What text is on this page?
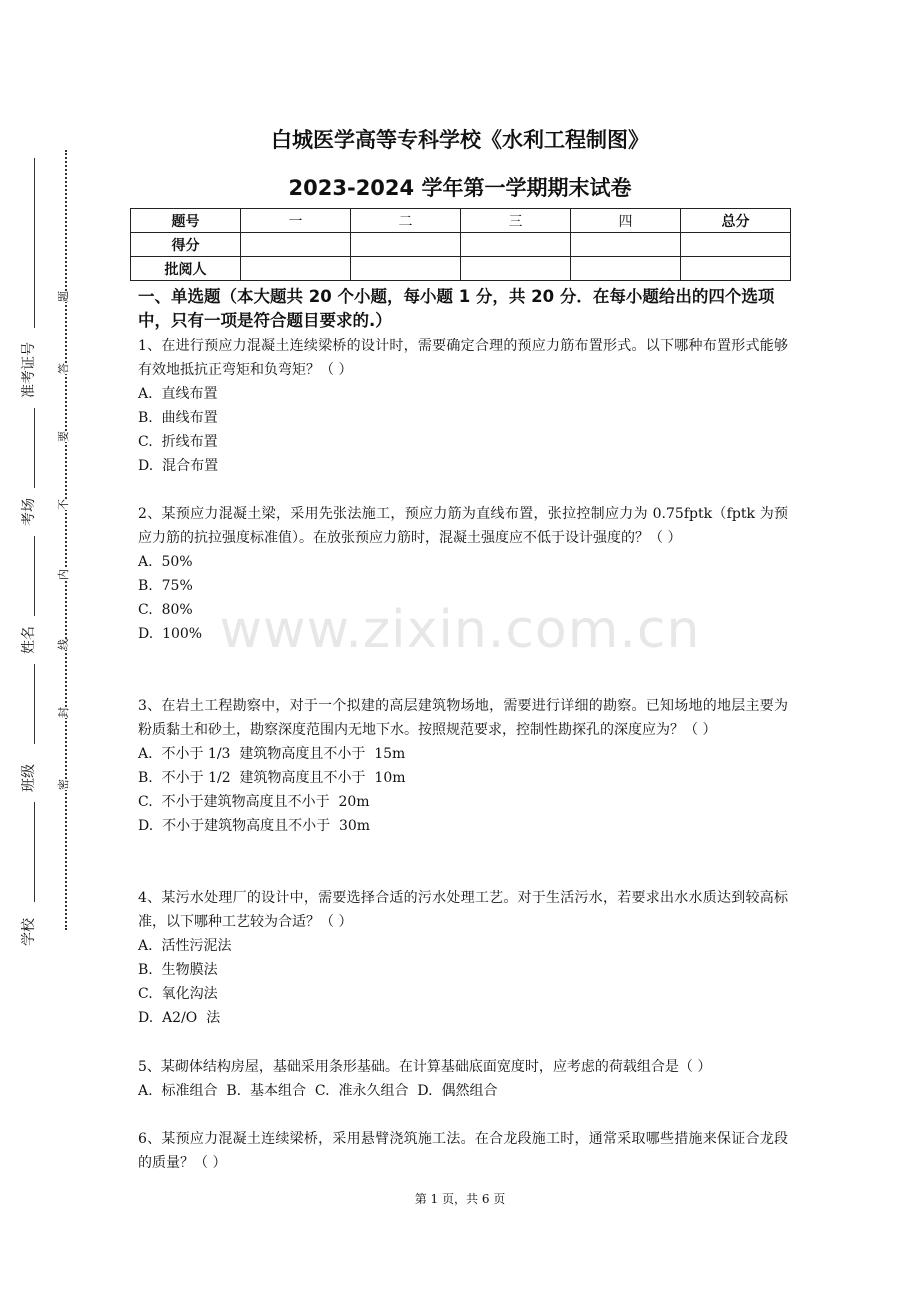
密
封
线
内
不
要
答
题
准考证号
考场
姓名
班级
学校
白城医学高等专科学校《水利工程制图》
2023-2024 学年第一学期期末试卷
题号	一	二	三	四	总分
得分					
批阅人					
一、单选题（本大题共 20 个小题，每小题 1 分，共 20 分．在每小题给出的四个选项中，只有一项是符合题目要求的.）
1、在进行预应力混凝土连续梁桥的设计时，需要确定合理的预应力筋布置形式。以下哪种布置形式能够有效地抵抗正弯矩和负弯矩？（ ）
A.  直线布置
B.  曲线布置
C.  折线布置
D.  混合布置
2、某预应力混凝土梁，采用先张法施工，预应力筋为直线布置，张拉控制应力为 0.75fptk（fptk 为预应力筋的抗拉强度标准值）。在放张预应力筋时，混凝土强度应不低于设计强度的？（ ）
A.  50%
B.  75%
C.  80%
D.  100%
3、在岩土工程勘察中，对于一个拟建的高层建筑物场地，需要进行详细的勘察。已知场地的地层主要为粉质黏土和砂土，勘察深度范围内无地下水。按照规范要求，控制性勘探孔的深度应为？（ ）
A.  不小于 1/3  建筑物高度且不小于  15m
B.  不小于 1/2  建筑物高度且不小于  10m
C.  不小于建筑物高度且不小于  20m
D.  不小于建筑物高度且不小于  30m
4、某污水处理厂的设计中，需要选择合适的污水处理工艺。对于生活污水，若要求出水水质达到较高标准，以下哪种工艺较为合适？（ ）
A.  活性污泥法
B.  生物膜法
C.  氧化沟法
D.  A2/O  法
5、某砌体结构房屋，基础采用条形基础。在计算基础底面宽度时，应考虑的荷载组合是（ ）
A.  标准组合  B.  基本组合  C.  准永久组合  D.  偶然组合
6、某预应力混凝土连续梁桥，采用悬臂浇筑施工法。在合龙段施工时，通常采取哪些措施来保证合龙段的质量？（ ）
www.zixin.com.cn
第 1 页，共 6 页
